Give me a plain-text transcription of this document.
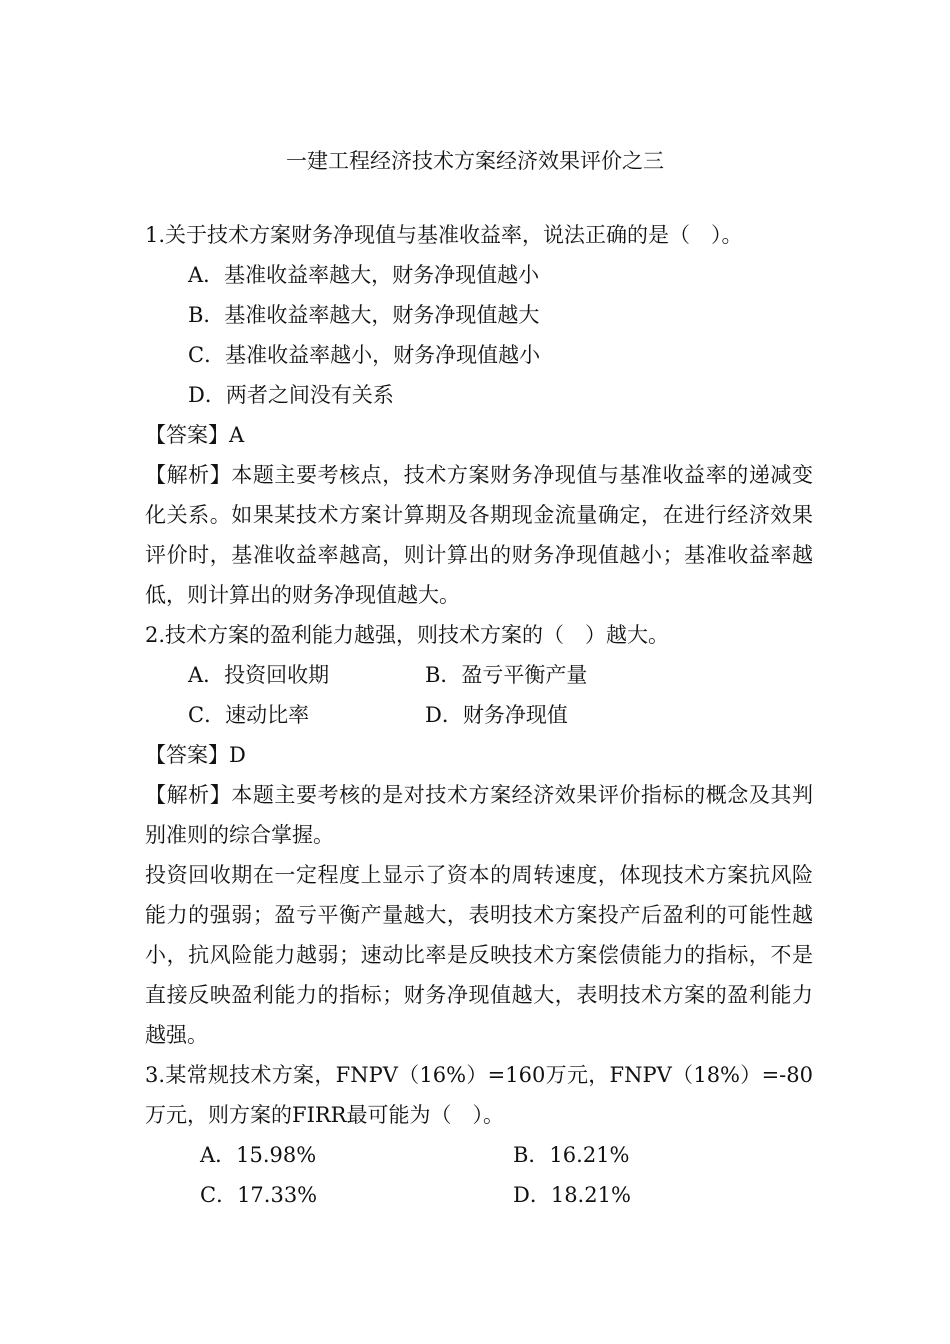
一建工程经济技术方案经济效果评价之三
1.关于技术方案财务净现值与基准收益率，说法正确的是（　）。
A．基准收益率越大，财务净现值越小
B．基准收益率越大，财务净现值越大
C．基准收益率越小，财务净现值越小
D．两者之间没有关系
【答案】A
【解析】本题主要考核点，技术方案财务净现值与基准收益率的递减变化关系。如果某技术方案计算期及各期现金流量确定，在进行经济效果评价时，基准收益率越高，则计算出的财务净现值越小；基准收益率越低，则计算出的财务净现值越大。
2.技术方案的盈利能力越强，则技术方案的（　）越大。
A．投资回收期	B．盈亏平衡产量
C．速动比率	D．财务净现值
【答案】D
【解析】本题主要考核的是对技术方案经济效果评价指标的概念及其判别准则的综合掌握。
投资回收期在一定程度上显示了资本的周转速度，体现技术方案抗风险能力的强弱；盈亏平衡产量越大，表明技术方案投产后盈利的可能性越小，抗风险能力越弱；速动比率是反映技术方案偿债能力的指标，不是直接反映盈利能力的指标；财务净现值越大，表明技术方案的盈利能力越强。
3.某常规技术方案，FNPV（16%）=160万元，FNPV（18%）=-80万元，则方案的FIRR最可能为（　）。
A．15.98%	B．16.21%
C．17.33%	D．18.21%
